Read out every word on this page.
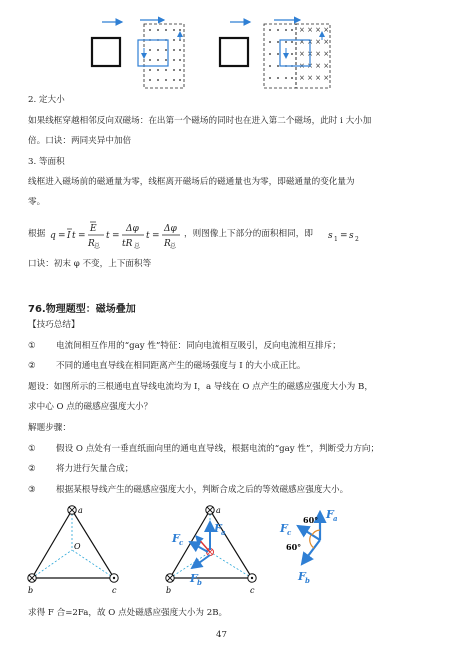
× × × ×
× × × ×
× × × ×
× × × ×
× × × ×
2. 定大小
如果线框穿越相邻反向双磁场：在出第一个磁场的同时也在进入第二个磁场，此时 i 大小加
倍。口诀：两同夹异中加倍
3. 等面积
线框进入磁场前的磁通量为零，线框离开磁场后的磁通量也为零，即磁通量的变化量为
零。
根据 q = I t =
E
R 总
t =
Δφ
tR 总
t =
Δφ
R 总
，则图像上下部分的面积相同，即 s 1 = s 2
口诀：初末 φ 不变，上下面积等
76.物理题型：磁场叠加
【技巧总结】
① 电流间相互作用的“gay 性”特征：同向电流相互吸引，反向电流相互排斥；
② 不同的通电直导线在相同距离产生的磁场强度与 I 的大小成正比。
题设：如图所示的三根通电直导线电流均为 I，a 导线在 O 点产生的磁感应强度大小为 B，
求中心 O 点的磁感应强度大小？
解题步骤：
① 假设 O 点处有一垂直纸面向里的通电直导线，根据电流的“gay 性”，判断受力方向；
② 将力进行矢量合成；
③ 根据某根导线产生的磁感应强度大小，判断合成之后的等效磁感应强度大小。
a
O
b	c
a
F a
F c
F b
b	c
60°
60°
F a
F c
F b
求得 F 合=2Fa，故 O 点处磁感应强度大小为 2B。
47
